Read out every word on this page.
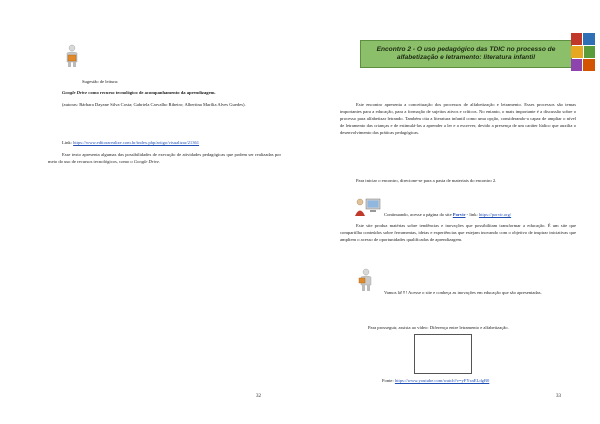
Sugestão de leitura:

Google Drive como recurso tecnológico de acompanhamento da aprendizagem.

(autoras: Bárbara Dayane Silva Costa; Gabriela Carvalho Ribeiro; Albertina Marília Alves Guedes).

Link: https://www.editorarealize.com.br/index.php/artigo/visualizar/21361

Esse texto apresenta algumas das possibilidades de execução de atividades pedagógicas que podem ser realizadas por meio do uso de recursos tecnológicos, como o Google Drive.

32
Encontro 2 - O uso pedagógico das TDIC no processo de alfabetização e letramento: literatura infantil

Este encontro apresenta a conceituação dos processos de alfabetização e letramento. Esses processos são temas importantes para a educação, para a formação de sujeitos ativos e críticos. No entanto, o mais importante é a discussão sobre o processo para alfabetizar letrando. Também cita a literatura infantil como uma opção, considerando-a capaz de ampliar o nível de letramento das crianças e de estimulá-las a aprender a ler e a escrever, devido a presença de um caráter lúdico que auxilia o desenvolvimento das práticas pedagógicas.

Para iniciar o encontro, direcione-se para a pasta de materiais do encontro 2.

Continuando, acesse a página do site Porvir - link: https://porvir.org/

Este site produz matérias sobre tendências e inovações que possibilitam transformar a educação. É um site que compartilha conteúdos sobre ferramentas, ideias e experiências que estejam inovando com o objetivo de inspirar iniciativas que ampliem o acesso de oportunidades qualificadas de aprendizagem.

Vamos lá!!!! Acesse o site e conheça as inovações em educação que são apresentadas.

Para prosseguir, assista ao vídeo: Diferença entre letramento e alfabetização.

Fonte: https://www.youtube.com/watch?v=yFYsnELdgB0

33
